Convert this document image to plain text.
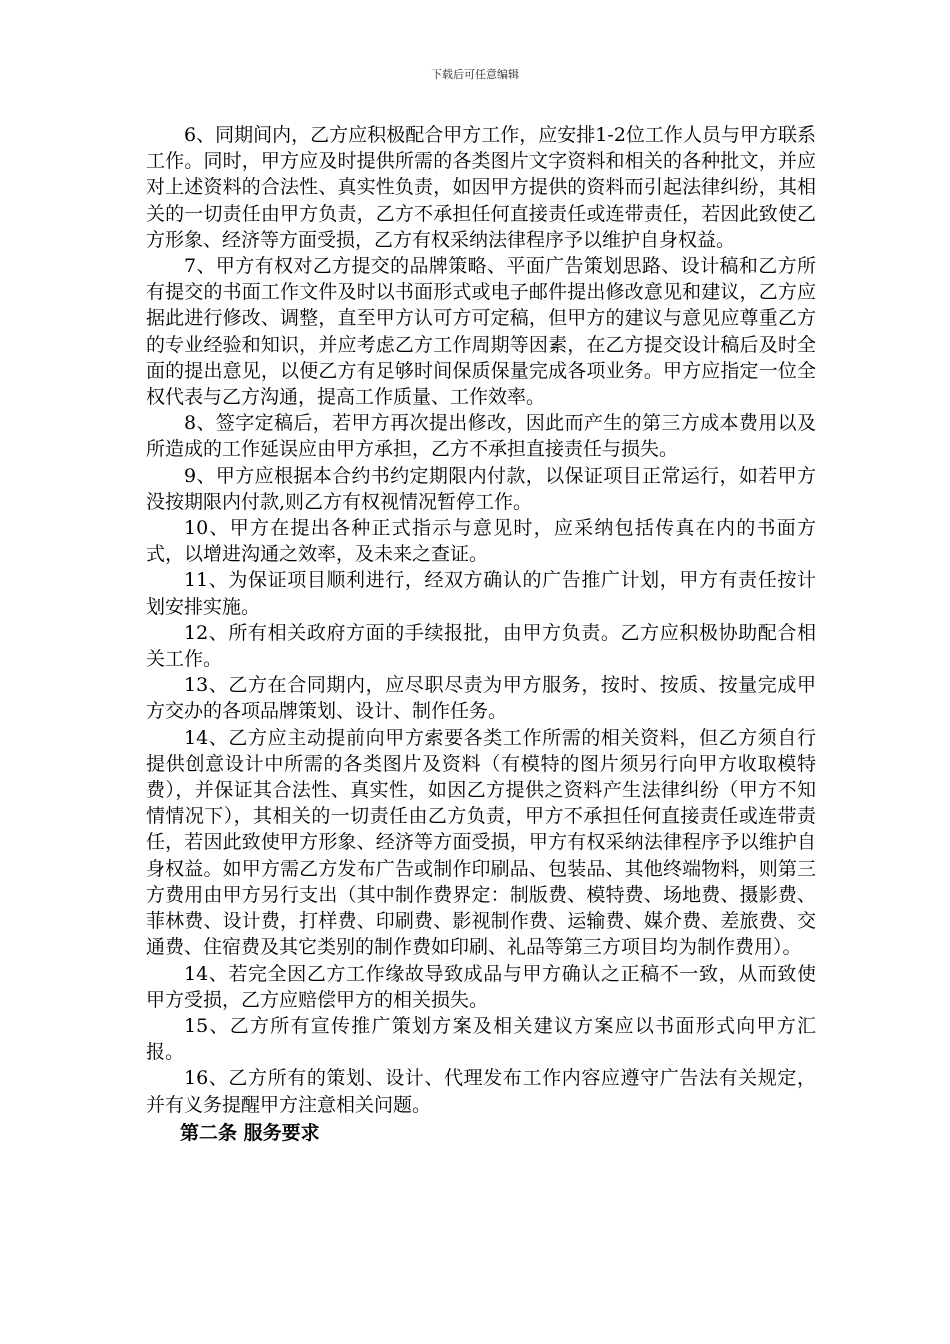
下载后可任意编辑

6、同期间内，乙方应积极配合甲方工作，应安排1-2位工作人员与甲方联系工作。同时，甲方应及时提供所需的各类图片文字资料和相关的各种批文，并应对上述资料的合法性、真实性负责，如因甲方提供的资料而引起法律纠纷，其相关的一切责任由甲方负责，乙方不承担任何直接责任或连带责任，若因此致使乙方形象、经济等方面受损，乙方有权采纳法律程序予以维护自身权益。

7、甲方有权对乙方提交的品牌策略、平面广告策划思路、设计稿和乙方所有提交的书面工作文件及时以书面形式或电子邮件提出修改意见和建议，乙方应据此进行修改、调整，直至甲方认可方可定稿，但甲方的建议与意见应尊重乙方的专业经验和知识，并应考虑乙方工作周期等因素，在乙方提交设计稿后及时全面的提出意见，以便乙方有足够时间保质保量完成各项业务。甲方应指定一位全权代表与乙方沟通，提高工作质量、工作效率。

8、签字定稿后，若甲方再次提出修改，因此而产生的第三方成本费用以及所造成的工作延误应由甲方承担，乙方不承担直接责任与损失。

9、甲方应根据本合约书约定期限内付款，以保证项目正常运行，如若甲方没按期限内付款,则乙方有权视情况暂停工作。

10、甲方在提出各种正式指示与意见时，应采纳包括传真在内的书面方式，以增进沟通之效率，及未来之查证。

11、为保证项目顺利进行，经双方确认的广告推广计划，甲方有责任按计划安排实施。

12、所有相关政府方面的手续报批，由甲方负责。乙方应积极协助配合相关工作。

13、乙方在合同期内，应尽职尽责为甲方服务，按时、按质、按量完成甲方交办的各项品牌策划、设计、制作任务。

14、乙方应主动提前向甲方索要各类工作所需的相关资料，但乙方须自行提供创意设计中所需的各类图片及资料（有模特的图片须另行向甲方收取模特费），并保证其合法性、真实性，如因乙方提供之资料产生法律纠纷（甲方不知情情况下），其相关的一切责任由乙方负责，甲方不承担任何直接责任或连带责任，若因此致使甲方形象、经济等方面受损，甲方有权采纳法律程序予以维护自身权益。如甲方需乙方发布广告或制作印刷品、包装品、其他终端物料，则第三方费用由甲方另行支出（其中制作费界定：制版费、模特费、场地费、摄影费、菲林费、设计费，打样费、印刷费、影视制作费、运输费、媒介费、差旅费、交通费、住宿费及其它类别的制作费如印刷、礼品等第三方项目均为制作费用）。

14、若完全因乙方工作缘故导致成品与甲方确认之正稿不一致，从而致使甲方受损，乙方应赔偿甲方的相关损失。

15、乙方所有宣传推广策划方案及相关建议方案应以书面形式向甲方汇报。

16、乙方所有的策划、设计、代理发布工作内容应遵守广告法有关规定，并有义务提醒甲方注意相关问题。

第二条 服务要求
